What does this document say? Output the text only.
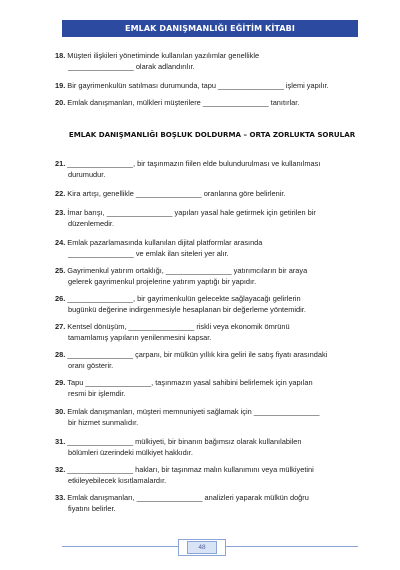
EMLAK DANIŞMANLIĞI EĞİTİM KİTABI
18. Müşteri ilişkileri yönetiminde kullanılan yazılımlar genellikle
________________ olarak adlandırılır.
19. Bir gayrimenkulün satılması durumunda, tapu ________________ işlemi yapılır.
20. Emlak danışmanları, mülkleri müşterilere ________________ tanıtırlar.
EMLAK DANIŞMANLIĞI BOŞLUK DOLDURMA – ORTA ZORLUKTA SORULAR
21. ________________, bir taşınmazın fiilen elde bulundurulması ve kullanılması
durumudur.
22. Kira artışı, genellikle ________________ oranlarına göre belirlenir.
23. İmar barışı, ________________ yapıları yasal hale getirmek için getirilen bir
düzenlemedir.
24. Emlak pazarlamasında kullanılan dijital platformlar arasında
________________ ve emlak ilan siteleri yer alır.
25. Gayrimenkul yatırım ortaklığı, ________________ yatırımcıların bir araya
gelerek gayrimenkul projelerine yatırım yaptığı bir yapıdır.
26. ________________, bir gayrimenkulün gelecekte sağlayacağı gelirlerin
bugünkü değerine indirgenmesiyle hesaplanan bir değerleme yöntemidir.
27. Kentsel dönüşüm, ________________ riskli veya ekonomik ömrünü
tamamlamış yapıların yenilenmesini kapsar.
28. ________________ çarpanı, bir mülkün yıllık kira geliri ile satış fiyatı arasındaki
oranı gösterir.
29. Tapu ________________, taşınmazın yasal sahibini belirlemek için yapılan
resmi bir işlemdir.
30. Emlak danışmanları, müşteri memnuniyeti sağlamak için ________________
bir hizmet sunmalıdır.
31. ________________ mülkiyeti, bir binanın bağımsız olarak kullanılabilen
bölümleri üzerindeki mülkiyet hakkıdır.
32. ________________ hakları, bir taşınmaz malın kullanımını veya mülkiyetini
etkileyebilecek kısıtlamalardır.
33. Emlak danışmanları, ________________ analizleri yaparak mülkün doğru
fiyatını belirler.
48
